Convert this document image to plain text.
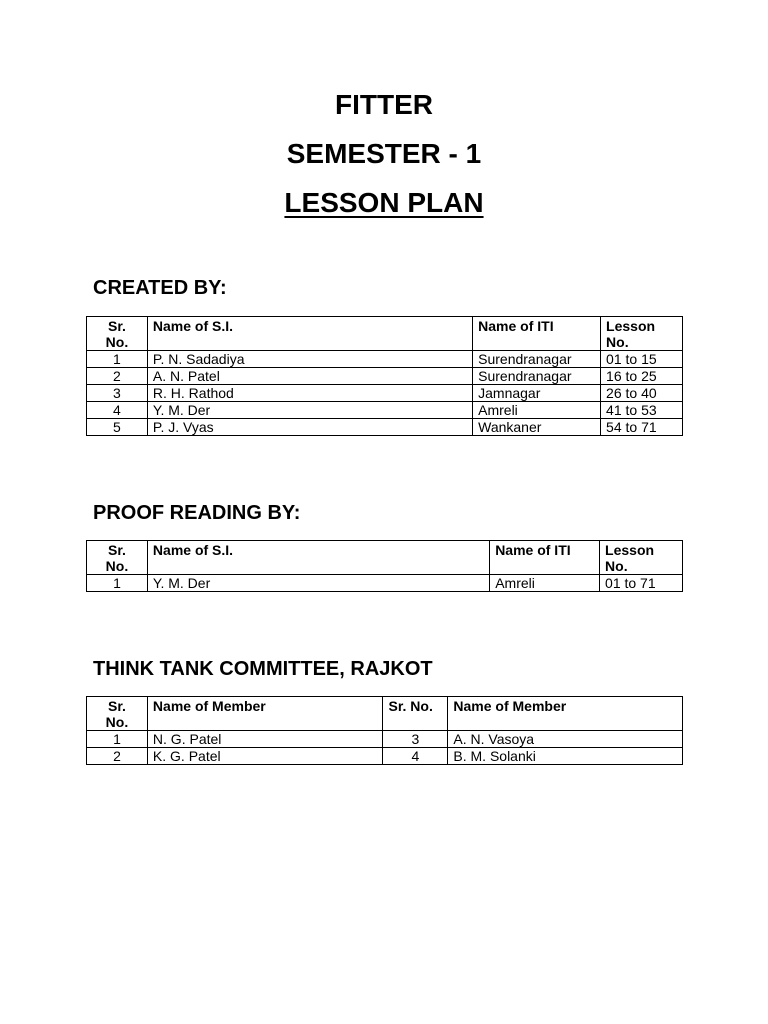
FITTER

SEMESTER - 1

LESSON PLAN

CREATED BY:

Sr.
No.	Name of S.I.	Name of ITI	Lesson
No.
1	P. N. Sadadiya	Surendranagar	01 to 15
2	A. N. Patel	Surendranagar	16 to 25
3	R. H. Rathod	Jamnagar	26 to 40
4	Y. M. Der	Amreli	41 to 53
5	P. J. Vyas	Wankaner	54 to 71

PROOF READING BY:

Sr.
No.	Name of S.I.	Name of ITI	Lesson
No.
1	Y. M. Der	Amreli	01 to 71

THINK TANK COMMITTEE, RAJKOT

Sr.
No.	Name of Member	Sr. No.	Name of Member
1	N. G. Patel	3	A. N. Vasoya
2	K. G. Patel	4	B. M. Solanki
